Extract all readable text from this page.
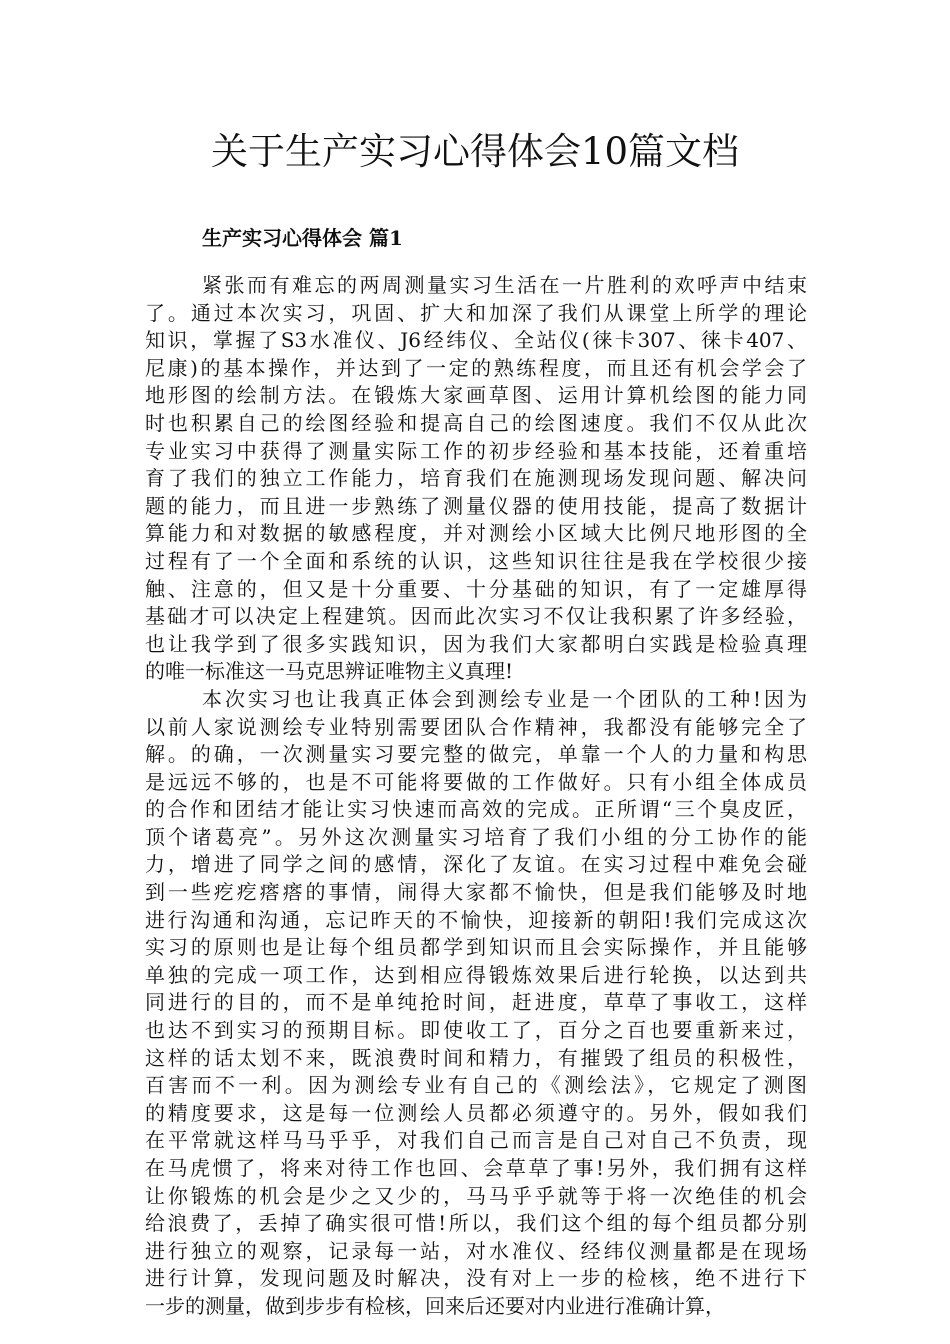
关于生产实习心得体会10篇文档
生产实习心得体会 篇1
紧张而有难忘的两周测量实习生活在一片胜利的欢呼声中结束
了。通过本次实习，巩固、扩大和加深了我们从课堂上所学的理论
知识，掌握了S3水准仪、J6经纬仪、全站仪(徕卡307、徕卡407、
尼康)的基本操作，并达到了一定的熟练程度，而且还有机会学会了
地形图的绘制方法。在锻炼大家画草图、运用计算机绘图的能力同
时也积累自己的绘图经验和提高自己的绘图速度。我们不仅从此次
专业实习中获得了测量实际工作的初步经验和基本技能，还着重培
育了我们的独立工作能力，培育我们在施测现场发现问题、解决问
题的能力，而且进一步熟练了测量仪器的使用技能，提高了数据计
算能力和对数据的敏感程度，并对测绘小区域大比例尺地形图的全
过程有了一个全面和系统的认识，这些知识往往是我在学校很少接
触、注意的，但又是十分重要、十分基础的知识，有了一定雄厚得
基础才可以决定上程建筑。因而此次实习不仅让我积累了许多经验，
也让我学到了很多实践知识，因为我们大家都明白实践是检验真理
的唯一标准这一马克思辨证唯物主义真理!
本次实习也让我真正体会到测绘专业是一个团队的工种!因为
以前人家说测绘专业特别需要团队合作精神，我都没有能够完全了
解。的确，一次测量实习要完整的做完，单靠一个人的力量和构思
是远远不够的，也是不可能将要做的工作做好。只有小组全体成员
的合作和团结才能让实习快速而高效的完成。正所谓“三个臭皮匠，
顶个诸葛亮”。另外这次测量实习培育了我们小组的分工协作的能
力，增进了同学之间的感情，深化了友谊。在实习过程中难免会碰
到一些疙疙瘩瘩的事情，闹得大家都不愉快，但是我们能够及时地
进行沟通和沟通，忘记昨天的不愉快，迎接新的朝阳!我们完成这次
实习的原则也是让每个组员都学到知识而且会实际操作，并且能够
单独的完成一项工作，达到相应得锻炼效果后进行轮换，以达到共
同进行的目的，而不是单纯抢时间，赶进度，草草了事收工，这样
也达不到实习的预期目标。即使收工了，百分之百也要重新来过，
这样的话太划不来，既浪费时间和精力，有摧毁了组员的积极性，
百害而不一利。因为测绘专业有自己的《测绘法》，它规定了测图
的精度要求，这是每一位测绘人员都必须遵守的。另外，假如我们
在平常就这样马马乎乎，对我们自己而言是自己对自己不负责，现
在马虎惯了，将来对待工作也回、会草草了事!另外，我们拥有这样
让你锻炼的机会是少之又少的，马马乎乎就等于将一次绝佳的机会
给浪费了，丢掉了确实很可惜!所以，我们这个组的每个组员都分别
进行独立的观察，记录每一站，对水准仪、经纬仪测量都是在现场
进行计算，发现问题及时解决，没有对上一步的检核，绝不进行下
一步的测量，做到步步有检核，回来后还要对内业进行准确计算，
